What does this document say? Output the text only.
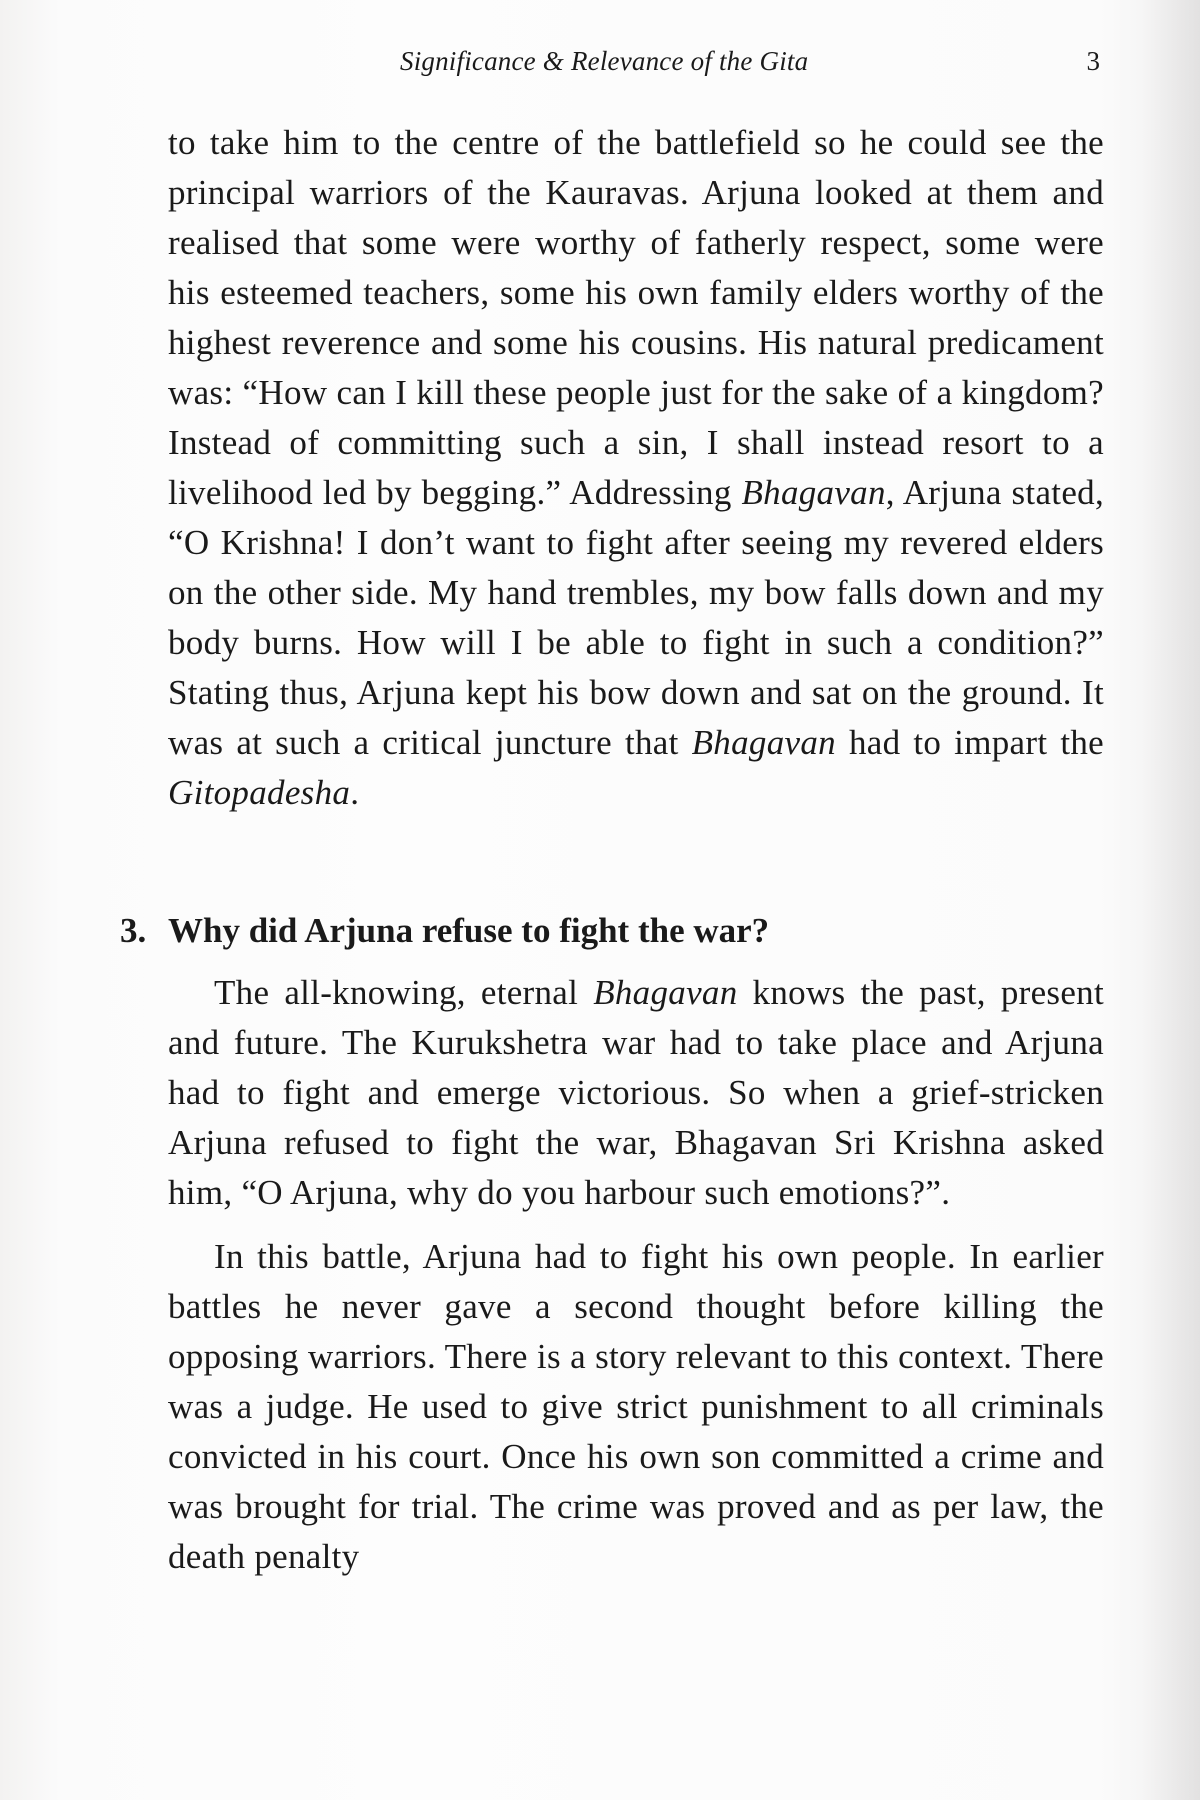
Significance & Relevance of the Gita	3

to take him to the centre of the battlefield so he could see the principal warriors of the Kauravas. Arjuna looked at them and realised that some were worthy of fatherly respect, some were his esteemed teachers, some his own family elders worthy of the highest reverence and some his cousins. His natural predicament was: “How can I kill these people just for the sake of a kingdom? Instead of committing such a sin, I shall instead resort to a livelihood led by begging.” Addressing Bhagavan, Arjuna stated, “O Krishna! I don’t want to fight after seeing my revered elders on the other side. My hand trembles, my bow falls down and my body burns. How will I be able to fight in such a condition?” Stating thus, Arjuna kept his bow down and sat on the ground. It was at such a critical juncture that Bhagavan had to impart the Gitopadesha.

3. Why did Arjuna refuse to fight the war?

The all-knowing, eternal Bhagavan knows the past, present and future. The Kurukshetra war had to take place and Arjuna had to fight and emerge victorious. So when a grief-stricken Arjuna refused to fight the war, Bhagavan Sri Krishna asked him, “O Arjuna, why do you harbour such emotions?”.

In this battle, Arjuna had to fight his own people. In earlier battles he never gave a second thought before killing the opposing warriors. There is a story relevant to this context. There was a judge. He used to give strict punishment to all criminals convicted in his court. Once his own son committed a crime and was brought for trial. The crime was proved and as per law, the death penalty
